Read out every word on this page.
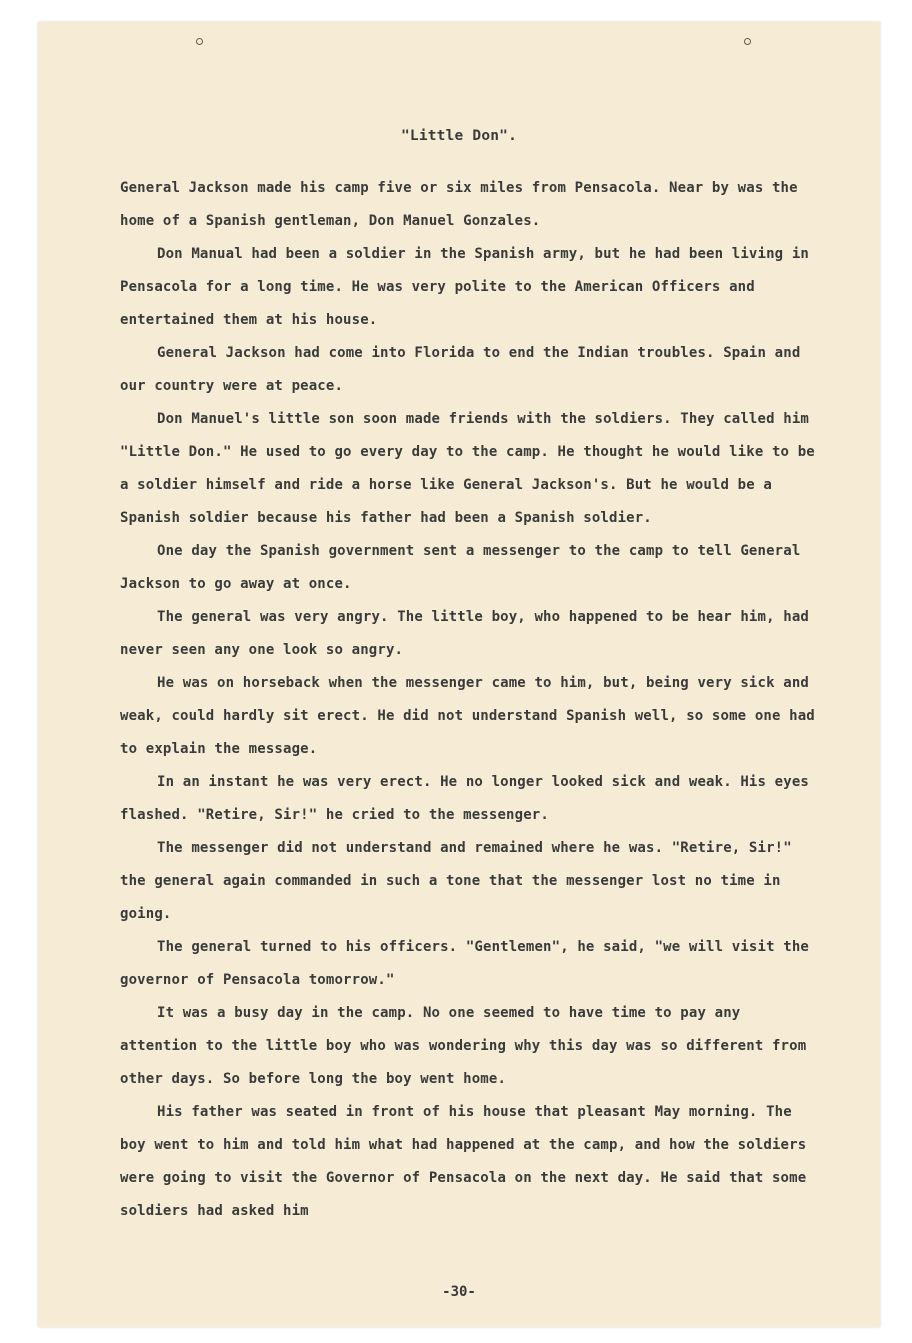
"Little Don".

General Jackson made his camp five or six miles from Pensacola. Near by was the home of a Spanish gentleman, Don Manuel Gonzales.

Don Manual had been a soldier in the Spanish army, but he had been living in Pensacola for a long time. He was very polite to the American Officers and entertained them at his house.

General Jackson had come into Florida to end the Indian troubles. Spain and our country were at peace.

Don Manuel's little son soon made friends with the soldiers. They called him "Little Don." He used to go every day to the camp. He thought he would like to be a soldier himself and ride a horse like General Jackson's. But he would be a Spanish soldier because his father had been a Spanish soldier.

One day the Spanish government sent a messenger to the camp to tell General Jackson to go away at once.

The general was very angry. The little boy, who happened to be hear him, had never seen any one look so angry.

He was on horseback when the messenger came to him, but, being very sick and weak, could hardly sit erect. He did not understand Spanish well, so some one had to explain the message.

In an instant he was very erect. He no longer looked sick and weak. His eyes flashed. "Retire, Sir!" he cried to the messenger.

The messenger did not understand and remained where he was. "Retire, Sir!" the general again commanded in such a tone that the messenger lost no time in going.

The general turned to his officers. "Gentlemen", he said, "we will visit the governor of Pensacola tomorrow."

It was a busy day in the camp. No one seemed to have time to pay any attention to the little boy who was wondering why this day was so different from other days. So before long the boy went home.

His father was seated in front of his house that pleasant May morning. The boy went to him and told him what had happened at the camp, and how the soldiers were going to visit the Governor of Pensacola on the next day. He said that some soldiers had asked him

-30-
